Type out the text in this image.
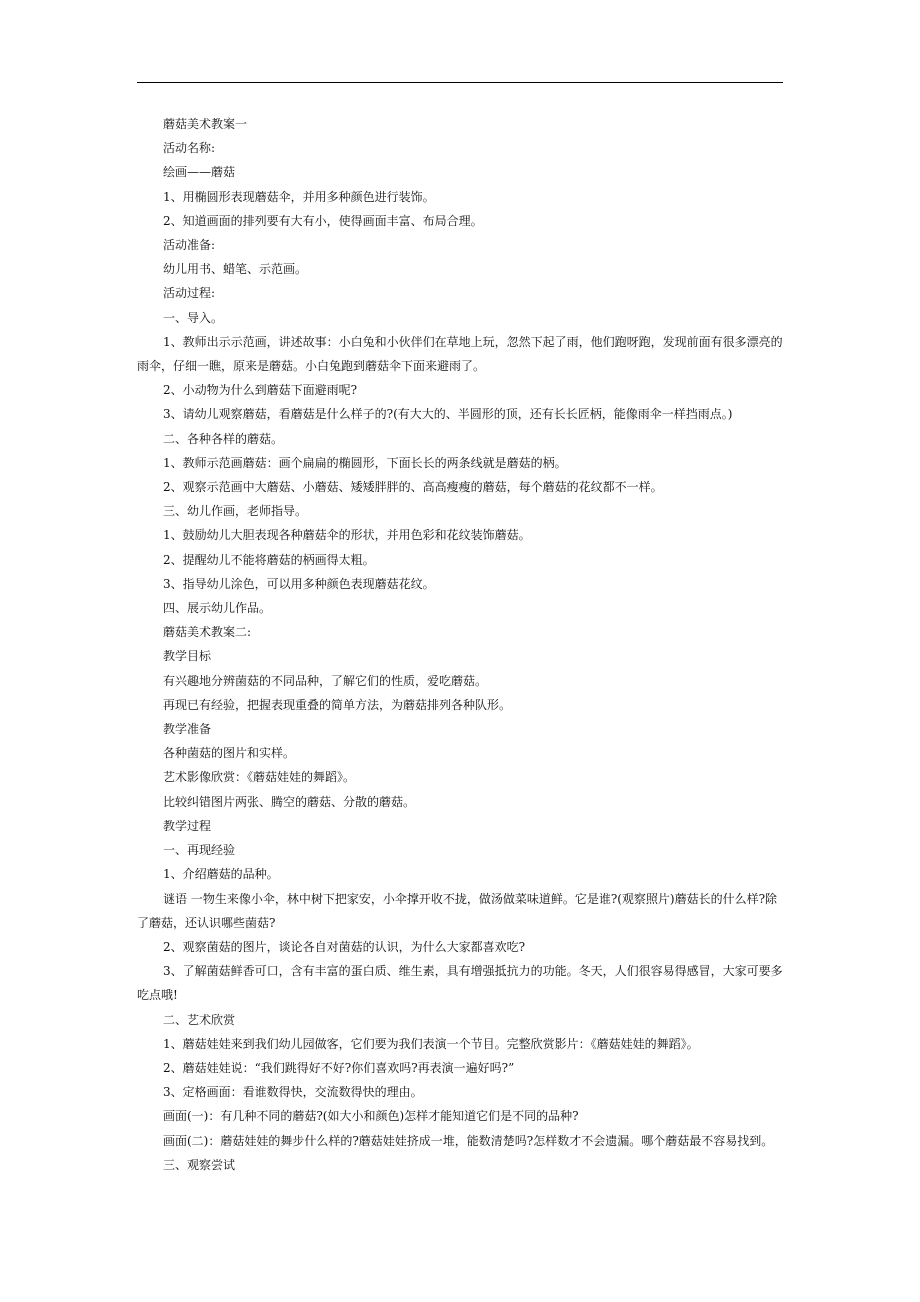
蘑菇美术教案一

活动名称:

绘画——蘑菇

1、用椭圆形表现蘑菇伞，并用多种颜色进行装饰。

2、知道画面的排列要有大有小，使得画面丰富、布局合理。

活动准备:

幼儿用书、蜡笔、示范画。

活动过程:

一、导入。

1、教师出示示范画，讲述故事：小白兔和小伙伴们在草地上玩，忽然下起了雨，他们跑呀跑，发现前面有很多漂亮的雨伞，仔细一瞧，原来是蘑菇。小白兔跑到蘑菇伞下面来避雨了。

2、小动物为什么到蘑菇下面避雨呢?

3、请幼儿观察蘑菇，看蘑菇是什么样子的?(有大大的、半圆形的顶，还有长长匠柄，能像雨伞一样挡雨点。)

二、各种各样的蘑菇。

1、教师示范画蘑菇：画个扁扁的椭圆形，下面长长的两条线就是蘑菇的柄。

2、观察示范画中大蘑菇、小蘑菇、矮矮胖胖的、高高瘦瘦的蘑菇，每个蘑菇的花纹都不一样。

三、幼儿作画，老师指导。

1、鼓励幼儿大胆表现各种蘑菇伞的形状，并用色彩和花纹装饰蘑菇。

2、提醒幼儿不能将蘑菇的柄画得太粗。

3、指导幼儿涂色，可以用多种颜色表现蘑菇花纹。

四、展示幼儿作品。

蘑菇美术教案二:

教学目标

有兴趣地分辨菌菇的不同品种，了解它们的性质，爱吃蘑菇。

再现已有经验，把握表现重叠的简单方法，为蘑菇排列各种队形。

教学准备

各种菌菇的图片和实样。

艺术影像欣赏：《蘑菇娃娃的舞蹈》。

比较纠错图片两张、腾空的蘑菇、分散的蘑菇。

教学过程

一、再现经验

1、介绍蘑菇的品种。

谜语 一物生来像小伞，林中树下把家安，小伞撑开收不拢，做汤做菜味道鲜。它是谁?(观察照片)蘑菇长的什么样?除了蘑菇，还认识哪些菌菇?

2、观察菌菇的图片，谈论各自对菌菇的认识，为什么大家都喜欢吃?

3、了解菌菇鲜香可口，含有丰富的蛋白质、维生素，具有增强抵抗力的功能。冬天，人们很容易得感冒，大家可要多吃点哦!

二、艺术欣赏

1、蘑菇娃娃来到我们幼儿园做客，它们要为我们表演一个节目。完整欣赏影片：《蘑菇娃娃的舞蹈》。

2、蘑菇娃娃说：“我们跳得好不好?你们喜欢吗?再表演一遍好吗?”

3、定格画面：看谁数得快，交流数得快的理由。

画面(一)：有几种不同的蘑菇?(如大小和颜色)怎样才能知道它们是不同的品种?

画面(二)：蘑菇娃娃的舞步什么样的?蘑菇娃娃挤成一堆，能数清楚吗?怎样数才不会遗漏。哪个蘑菇最不容易找到。

三、观察尝试
